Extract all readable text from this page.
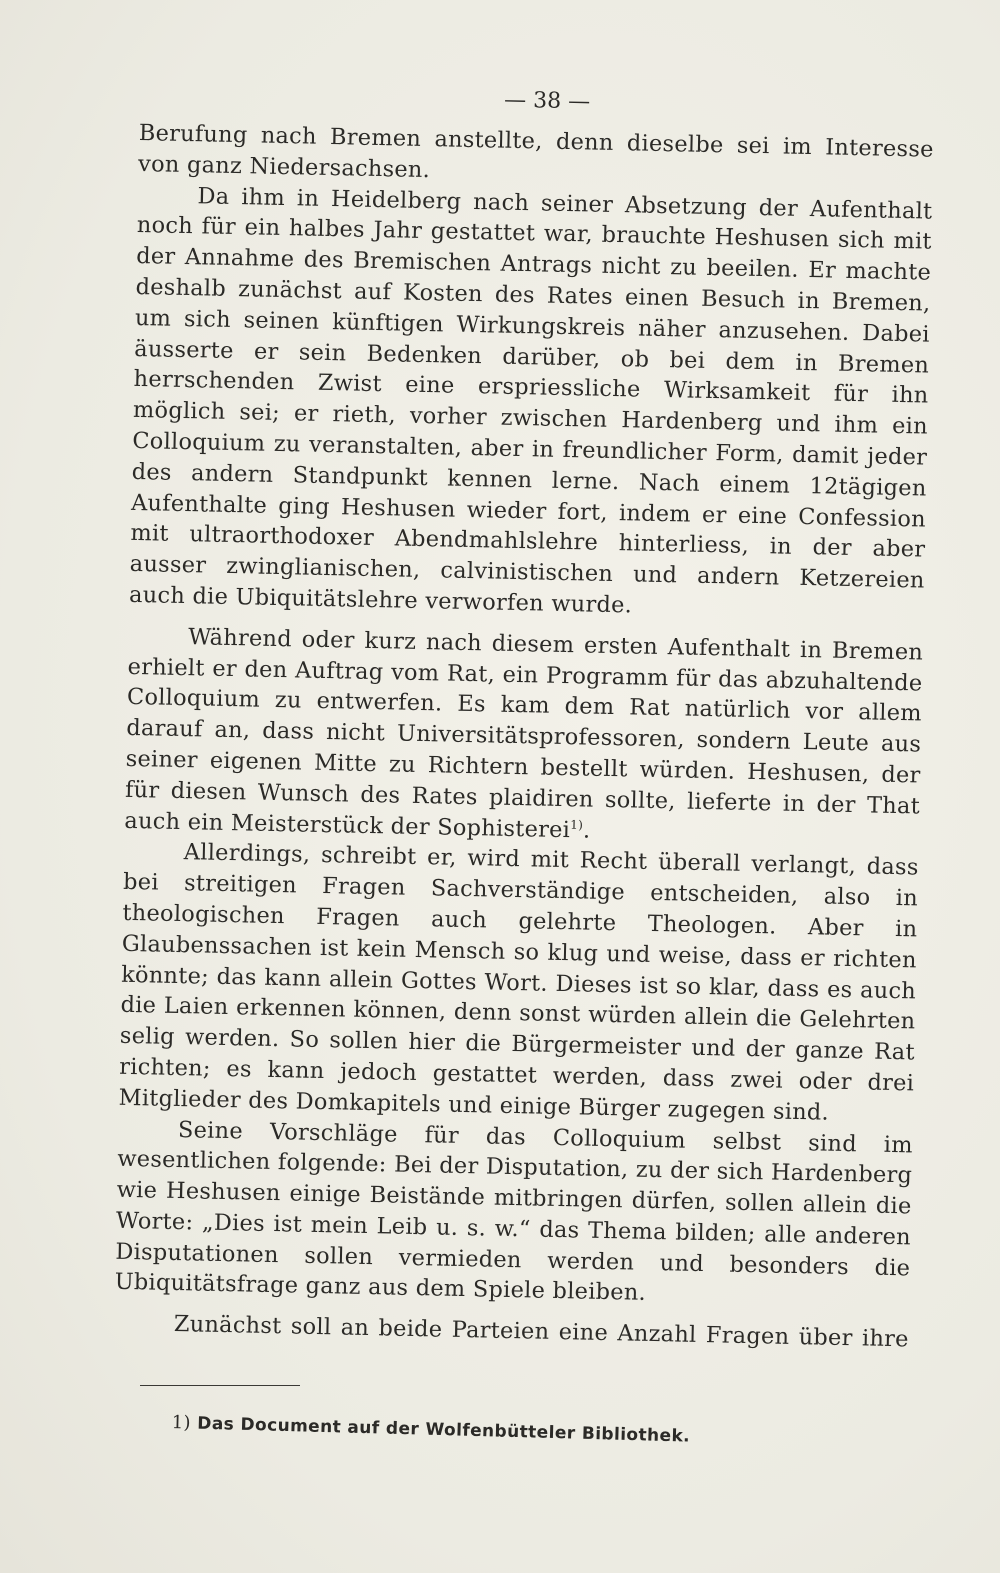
— 38 —

Berufung nach Bremen anstellte, denn dieselbe sei im Interesse von ganz Niedersachsen.

Da ihm in Heidelberg nach seiner Absetzung der Aufenthalt noch für ein halbes Jahr gestattet war, brauchte Heshusen sich mit der Annahme des Bremischen Antrags nicht zu beeilen. Er machte deshalb zunächst auf Kosten des Rates einen Besuch in Bremen, um sich seinen künftigen Wirkungskreis näher anzusehen. Dabei äusserte er sein Bedenken darüber, ob bei dem in Bremen herrschenden Zwist eine erspriessliche Wirksamkeit für ihn möglich sei; er rieth, vorher zwischen Hardenberg und ihm ein Colloquium zu veranstalten, aber in freundlicher Form, damit jeder des andern Standpunkt kennen lerne. Nach einem 12tägigen Aufenthalte ging Heshusen wieder fort, indem er eine Confession mit ultraorthodoxer Abendmahlslehre hinterliess, in der aber ausser zwinglianischen, calvinistischen und andern Ketzereien auch die Ubiquitätslehre verworfen wurde.

Während oder kurz nach diesem ersten Aufenthalt in Bremen erhielt er den Auftrag vom Rat, ein Programm für das abzuhaltende Colloquium zu entwerfen. Es kam dem Rat natürlich vor allem darauf an, dass nicht Universitätsprofessoren, sondern Leute aus seiner eigenen Mitte zu Richtern bestellt würden. Heshusen, der für diesen Wunsch des Rates plaidiren sollte, lieferte in der That auch ein Meisterstück der Sophisterei$^{1)}$.

Allerdings, schreibt er, wird mit Recht überall verlangt, dass bei streitigen Fragen Sachverständige entscheiden, also in theologischen Fragen auch gelehrte Theologen. Aber in Glaubenssachen ist kein Mensch so klug und weise, dass er richten könnte; das kann allein Gottes Wort. Dieses ist so klar, dass es auch die Laien erkennen können, denn sonst würden allein die Gelehrten selig werden. So sollen hier die Bürgermeister und der ganze Rat richten; es kann jedoch gestattet werden, dass zwei oder drei Mitglieder des Domkapitels und einige Bürger zugegen sind.

Seine Vorschläge für das Colloquium selbst sind im wesentlichen folgende: Bei der Disputation, zu der sich Hardenberg wie Heshusen einige Beistände mitbringen dürfen, sollen allein die Worte: „Dies ist mein Leib u. s. w.“ das Thema bilden; alle anderen Disputationen sollen vermieden werden und besonders die Ubiquitätsfrage ganz aus dem Spiele bleiben.

Zunächst soll an beide Parteien eine Anzahl Fragen über ihre

1) Das Document auf der Wolfenbütteler Bibliothek.
